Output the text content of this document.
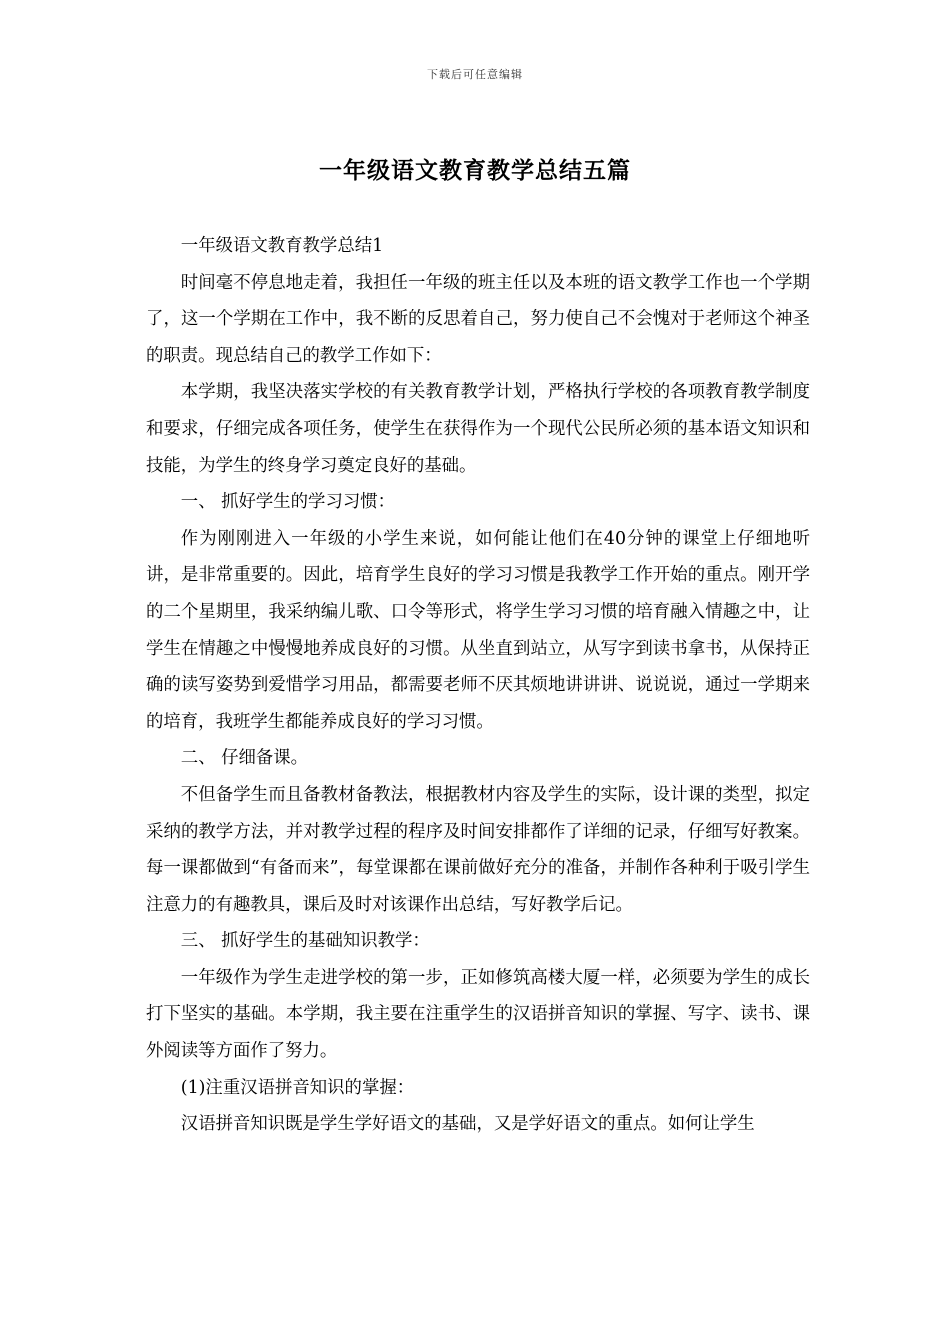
下载后可任意编辑
一年级语文教育教学总结五篇

一年级语文教育教学总结1

时间毫不停息地走着，我担任一年级的班主任以及本班的语文教学工作也一个学期了，这一个学期在工作中，我不断的反思着自己，努力使自己不会愧对于老师这个神圣的职责。现总结自己的教学工作如下：

本学期，我坚决落实学校的有关教育教学计划，严格执行学校的各项教育教学制度和要求，仔细完成各项任务，使学生在获得作为一个现代公民所必须的基本语文知识和技能，为学生的终身学习奠定良好的基础。

一、 抓好学生的学习习惯：

作为刚刚进入一年级的小学生来说，如何能让他们在40分钟的课堂上仔细地听讲，是非常重要的。因此，培育学生良好的学习习惯是我教学工作开始的重点。刚开学的二个星期里，我采纳编儿歌、口令等形式，将学生学习习惯的培育融入情趣之中，让学生在情趣之中慢慢地养成良好的习惯。从坐直到站立，从写字到读书拿书，从保持正确的读写姿势到爱惜学习用品，都需要老师不厌其烦地讲讲讲、说说说，通过一学期来的培育，我班学生都能养成良好的学习习惯。

二、 仔细备课。

不但备学生而且备教材备教法，根据教材内容及学生的实际，设计课的类型，拟定采纳的教学方法，并对教学过程的程序及时间安排都作了详细的记录，仔细写好教案。每一课都做到“有备而来”，每堂课都在课前做好充分的准备，并制作各种利于吸引学生注意力的有趣教具，课后及时对该课作出总结，写好教学后记。

三、 抓好学生的基础知识教学：

一年级作为学生走进学校的第一步，正如修筑高楼大厦一样，必须要为学生的成长打下坚实的基础。本学期，我主要在注重学生的汉语拼音知识的掌握、写字、读书、课外阅读等方面作了努力。

(1)注重汉语拼音知识的掌握：

汉语拼音知识既是学生学好语文的基础，又是学好语文的重点。如何让学生
